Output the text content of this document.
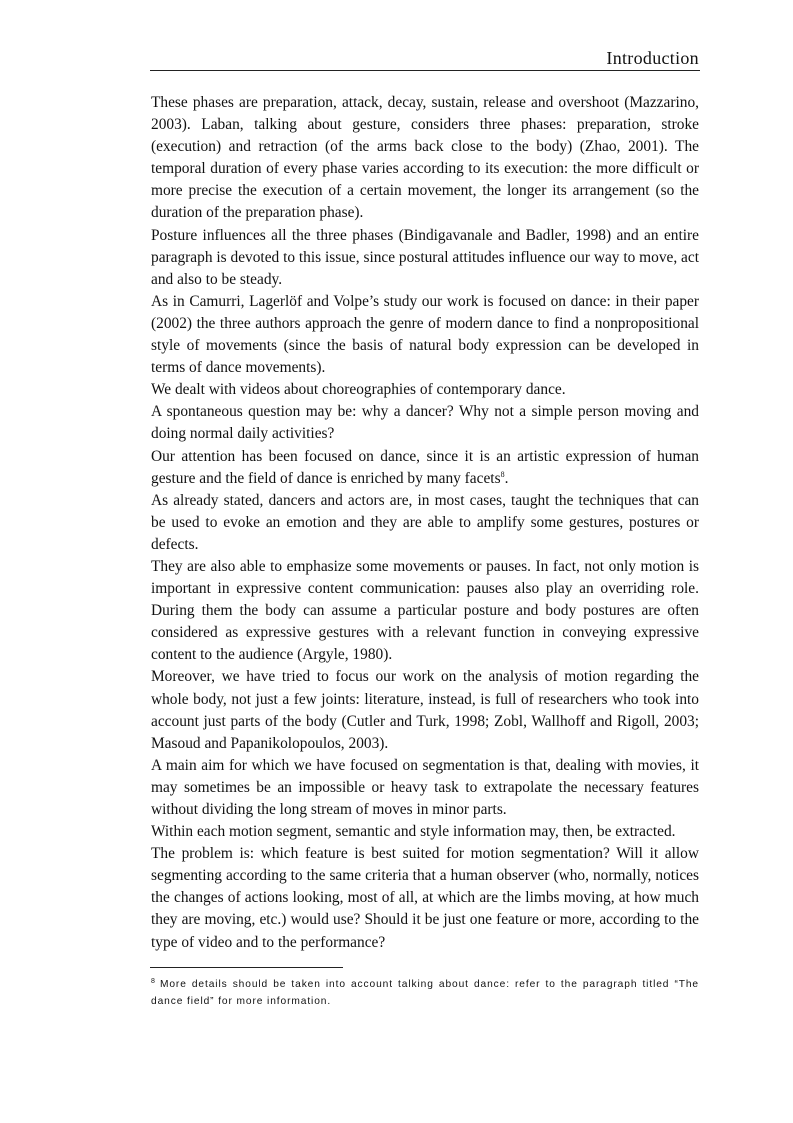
Introduction

These phases are preparation, attack, decay, sustain, release and overshoot (Mazzarino, 2003). Laban, talking about gesture, considers three phases: preparation, stroke (execution) and retraction (of the arms back close to the body) (Zhao, 2001). The temporal duration of every phase varies according to its execution: the more difficult or more precise the execution of a certain movement, the longer its arrangement (so the duration of the preparation phase).

Posture influences all the three phases (Bindigavanale and Badler, 1998) and an entire paragraph is devoted to this issue, since postural attitudes influence our way to move, act and also to be steady.

As in Camurri, Lagerlöf and Volpe’s study our work is focused on dance: in their paper (2002) the three authors approach the genre of modern dance to find a nonpropositional style of movements (since the basis of natural body expression can be developed in terms of dance movements).

We dealt with videos about choreographies of contemporary dance.

A spontaneous question may be: why a dancer? Why not a simple person moving and doing normal daily activities?

Our attention has been focused on dance, since it is an artistic expression of human gesture and the field of dance is enriched by many facets$^8$.

As already stated, dancers and actors are, in most cases, taught the techniques that can be used to evoke an emotion and they are able to amplify some gestures, postures or defects.

They are also able to emphasize some movements or pauses. In fact, not only motion is important in expressive content communication: pauses also play an overriding role. During them the body can assume a particular posture and body postures are often considered as expressive gestures with a relevant function in conveying expressive content to the audience (Argyle, 1980).

Moreover, we have tried to focus our work on the analysis of motion regarding the whole body, not just a few joints: literature, instead, is full of researchers who took into account just parts of the body (Cutler and Turk, 1998; Zobl, Wallhoff and Rigoll, 2003; Masoud and Papanikolopoulos, 2003).

A main aim for which we have focused on segmentation is that, dealing with movies, it may sometimes be an impossible or heavy task to extrapolate the necessary features without dividing the long stream of moves in minor parts.

Within each motion segment, semantic and style information may, then, be extracted.

The problem is: which feature is best suited for motion segmentation? Will it allow segmenting according to the same criteria that a human observer (who, normally, notices the changes of actions looking, most of all, at which are the limbs moving, at how much they are moving, etc.) would use? Should it be just one feature or more, according to the type of video and to the performance?

$^8$ More details should be taken into account talking about dance: refer to the paragraph titled “The dance field” for more information.
